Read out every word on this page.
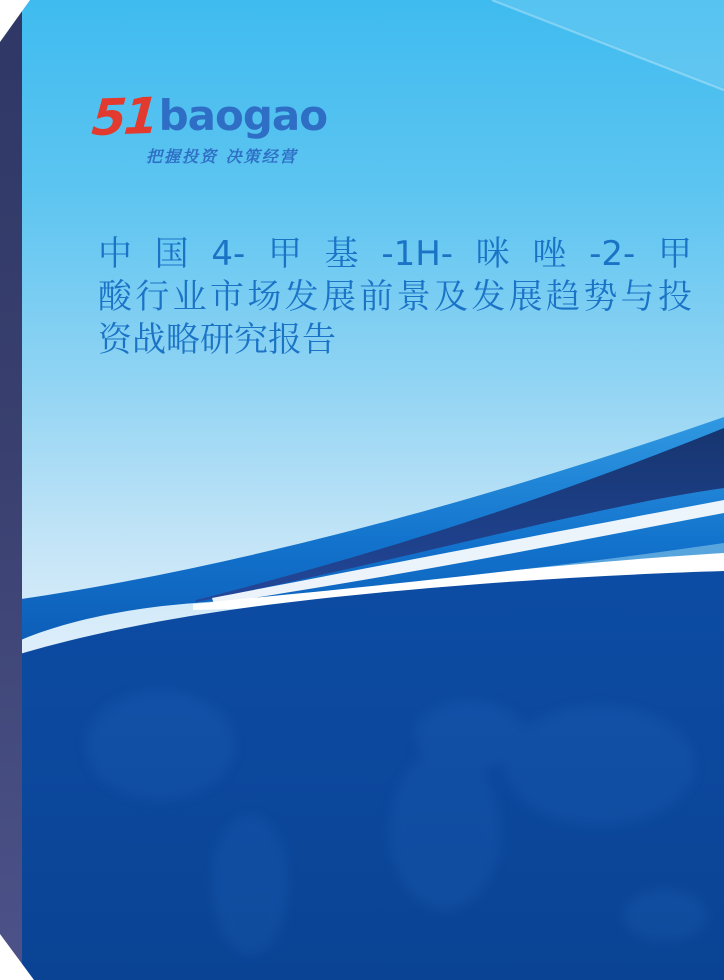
51 baogao
把握投资 决策经营
中国4-甲基-1H-咪唑-2-甲
酸行业市场发展前景及发展趋势与投
资战略研究报告
